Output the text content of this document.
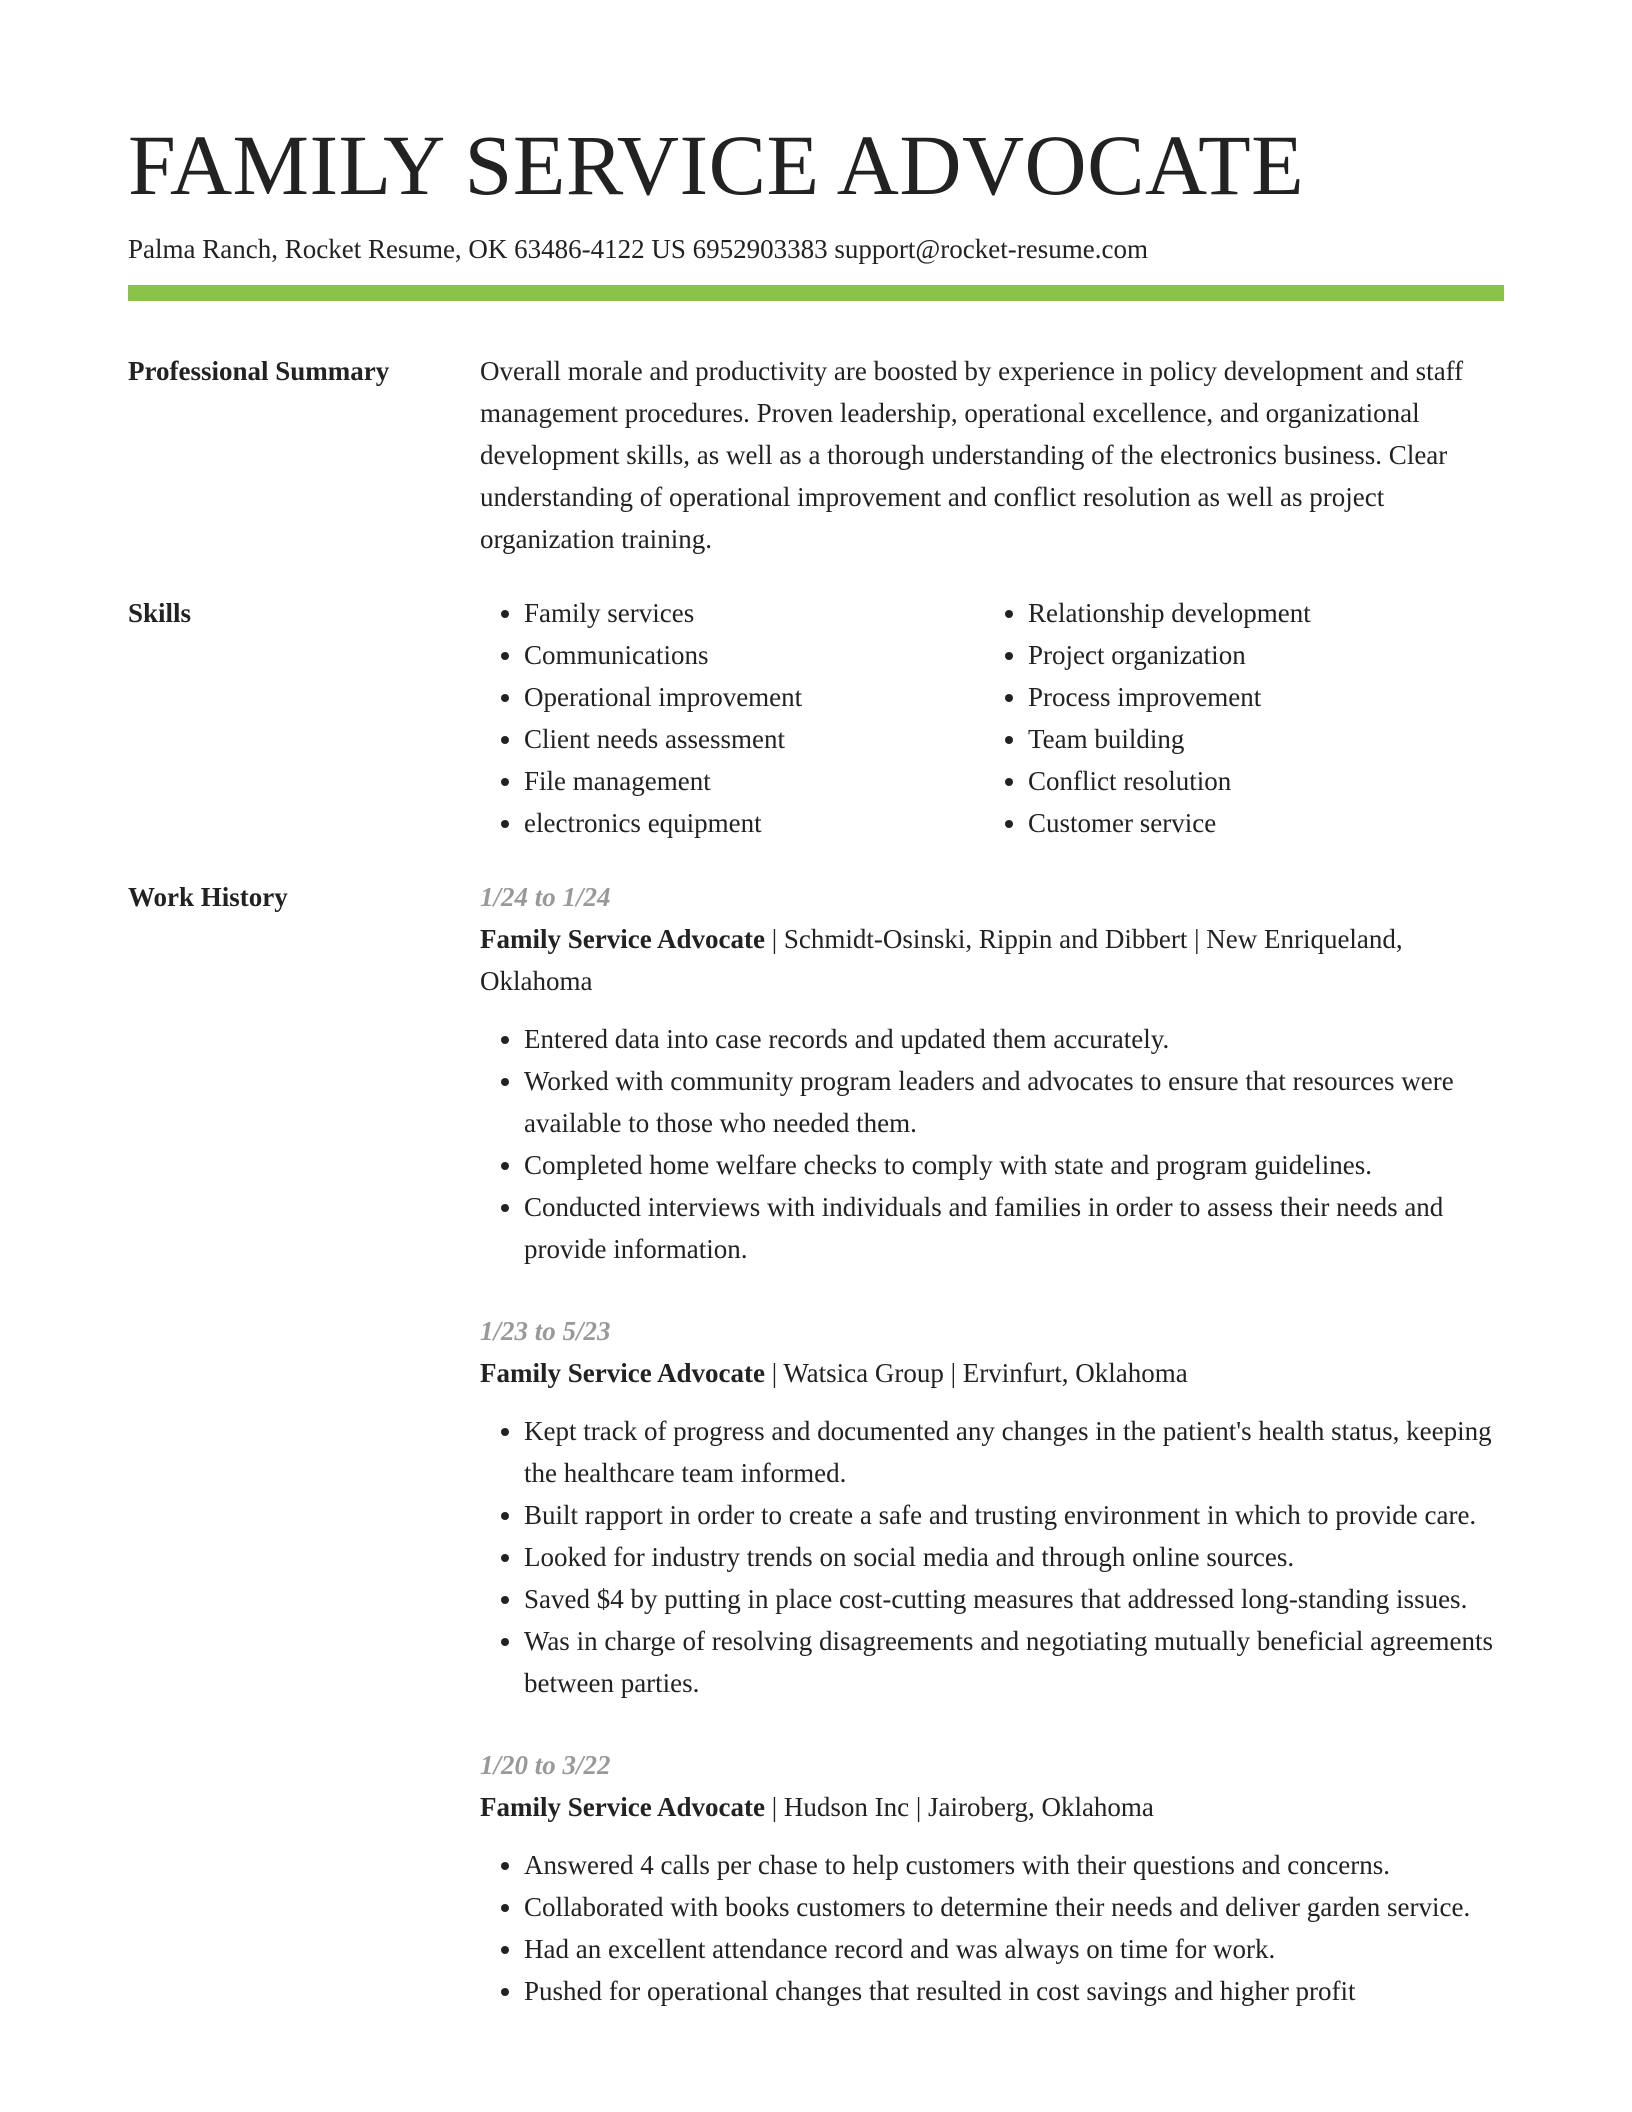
FAMILY SERVICE ADVOCATE
Palma Ranch, Rocket Resume, OK 63486-4122 US 6952903383 support@rocket-resume.com
Professional Summary	Overall morale and productivity are boosted by experience in policy development and staff management procedures. Proven leadership, operational excellence, and organizational development skills, as well as a thorough understanding of the electronics business. Clear understanding of operational improvement and conflict resolution as well as project organization training.

Skills
•	Family services
• Communications
• Operational improvement
• Client needs assessment
• File management
• electronics equipment
• Relationship development
• Project organization
• Process improvement
• Team building
• Conflict resolution
• Customer service
Work History	1/24 to 1/24
Family Service Advocate | Schmidt-Osinski, Rippin and Dibbert | New Enriqueland, Oklahoma
• Entered data into case records and updated them accurately.
• Worked with community program leaders and advocates to ensure that resources were available to those who needed them.
• Completed home welfare checks to comply with state and program guidelines.
• Conducted interviews with individuals and families in order to assess their needs and provide information.
1/23 to 5/23
Family Service Advocate | Watsica Group | Ervinfurt, Oklahoma
• Kept track of progress and documented any changes in the patient's health status, keeping the healthcare team informed.
• Built rapport in order to create a safe and trusting environment in which to provide care.
• Looked for industry trends on social media and through online sources.
• Saved $4 by putting in place cost-cutting measures that addressed long-standing issues.
• Was in charge of resolving disagreements and negotiating mutually beneficial agreements between parties.
1/20 to 3/22
Family Service Advocate | Hudson Inc | Jairoberg, Oklahoma
• Answered 4 calls per chase to help customers with their questions and concerns.
• Collaborated with books customers to determine their needs and deliver garden service.
• Had an excellent attendance record and was always on time for work.
• Pushed for operational changes that resulted in cost savings and higher profit
